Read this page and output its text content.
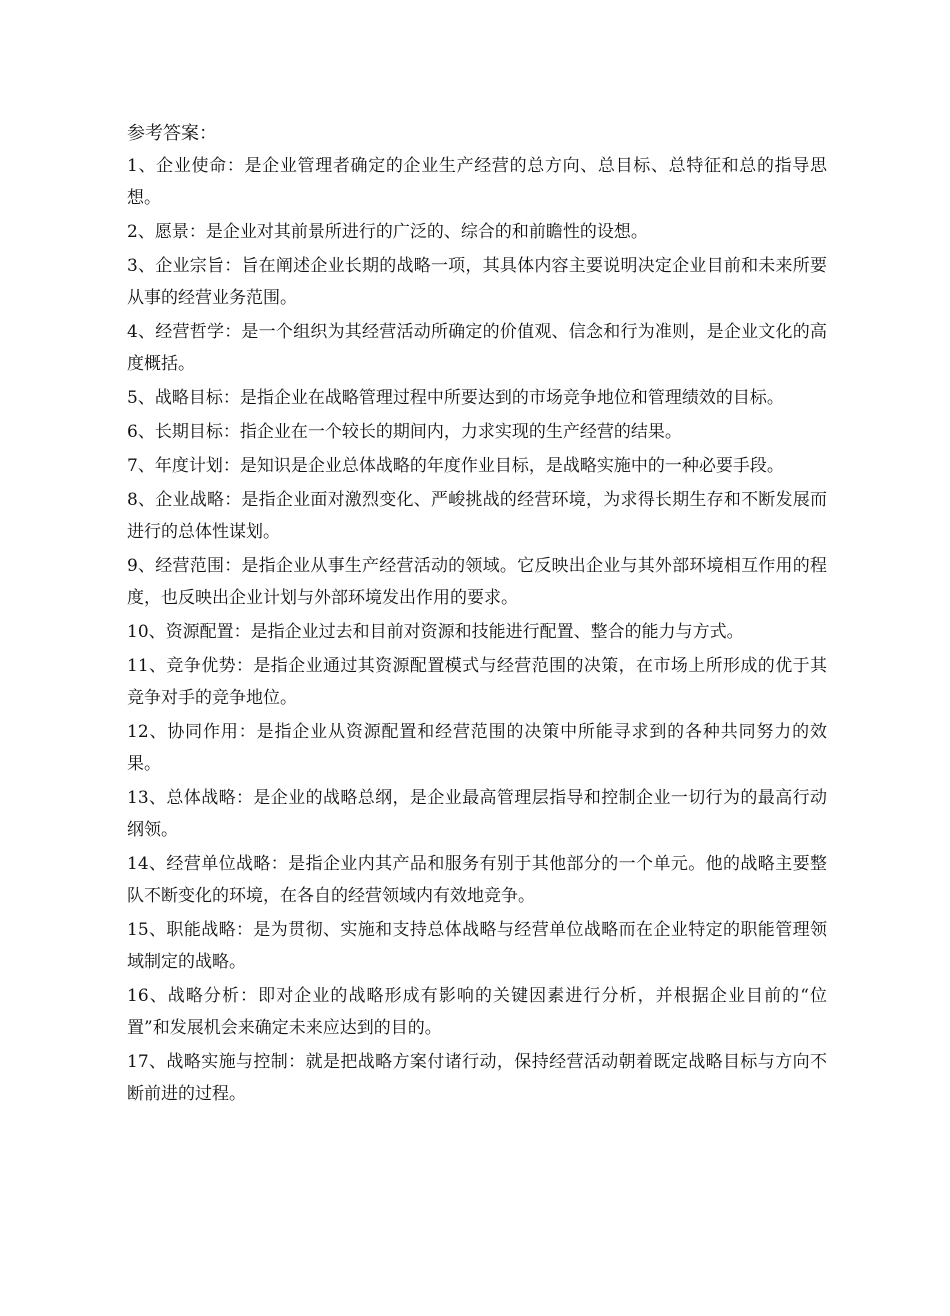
参考答案：

1、企业使命：是企业管理者确定的企业生产经营的总方向、总目标、总特征和总的指导思想。

2、愿景：是企业对其前景所进行的广泛的、综合的和前瞻性的设想。

3、企业宗旨：旨在阐述企业长期的战略一项，其具体内容主要说明决定企业目前和未来所要从事的经营业务范围。

4、经营哲学：是一个组织为其经营活动所确定的价值观、信念和行为准则，是企业文化的高度概括。

5、战略目标：是指企业在战略管理过程中所要达到的市场竞争地位和管理绩效的目标。

6、长期目标：指企业在一个较长的期间内，力求实现的生产经营的结果。

7、年度计划：是知识是企业总体战略的年度作业目标，是战略实施中的一种必要手段。

8、企业战略：是指企业面对激烈变化、严峻挑战的经营环境，为求得长期生存和不断发展而进行的总体性谋划。

9、经营范围：是指企业从事生产经营活动的领域。它反映出企业与其外部环境相互作用的程度，也反映出企业计划与外部环境发出作用的要求。

10、资源配置：是指企业过去和目前对资源和技能进行配置、整合的能力与方式。

11、竞争优势：是指企业通过其资源配置模式与经营范围的决策，在市场上所形成的优于其竞争对手的竞争地位。

12、协同作用：是指企业从资源配置和经营范围的决策中所能寻求到的各种共同努力的效果。

13、总体战略：是企业的战略总纲，是企业最高管理层指导和控制企业一切行为的最高行动纲领。

14、经营单位战略：是指企业内其产品和服务有别于其他部分的一个单元。他的战略主要整队不断变化的环境，在各自的经营领域内有效地竞争。

15、职能战略：是为贯彻、实施和支持总体战略与经营单位战略而在企业特定的职能管理领域制定的战略。

16、战略分析：即对企业的战略形成有影响的关键因素进行分析，并根据企业目前的“位置”和发展机会来确定未来应达到的目的。

17、战略实施与控制：就是把战略方案付诸行动，保持经营活动朝着既定战略目标与方向不断前进的过程。
